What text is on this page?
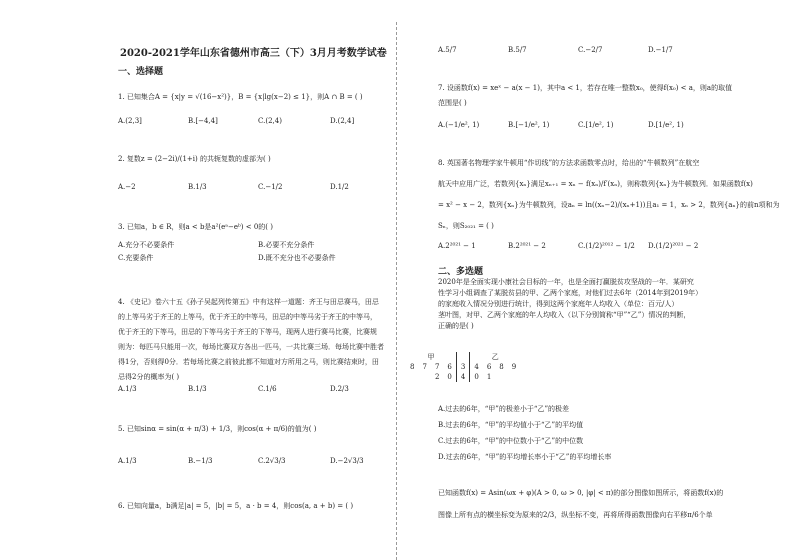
2020-2021学年山东省德州市高三（下）3月月考数学试卷
一、选择题
1. 已知集合A = {x|y = √(16−x²)}，B = {x|lg(x−2) ≤ 1}，则A ∩ B = ( )
A.(2,3]	B.[−4,4]	C.(2,4)	D.(2,4]
2. 复数z = (2−2i)/(1+i) 的共轭复数的虚部为( )
A.−2	B.1/3	C.−1/2	D.1/2
3. 已知a，b ∈ R，则a < b是a²(eᵃ−eᵇ) < 0的( )
A.充分不必要条件	B.必要不充分条件
C.充要条件	D.既不充分也不必要条件
4. 《史记》卷六十五《孙子吴起列传第五》中有这样一道题：齐王与田忌赛马，田忌
的上等马劣于齐王的上等马，优于齐王的中等马，田忌的中等马劣于齐王的中等马，
优于齐王的下等马，田忌的下等马劣于齐王的下等马，现两人进行赛马比赛，比赛规
则为：每匹马只能用一次，每场比赛双方各出一匹马，一共比赛三场．每场比赛中胜者
得1分，否则得0分．若每场比赛之前彼此都不知道对方所用之马，则比赛结束时，田
忌得2分的概率为( )
A.1/3	B.1/3	C.1/6	D.2/3
5. 已知sinα = sin(α + π/3) + 1/3，则cos(α + π/6)的值为( )
A.1/3	B.−1/3	C.2√3/3	D.−2√3/3
6. 已知向量a，b满足|a| = 5，|b| = 5，a · b = 4，则cos(a, a + b) = ( )
A.5/7	B.5/7	C.−2/7	D.−1/7
7. 设函数f(x) = xeˣ − a(x − 1)，其中a < 1，若存在唯一整数x₀，使得f(x₀) < a，则a的取值
范围是( )
A.(−1/e², 1)	B.[−1/e², 1)	C.[1/e², 1)	D.[1/e², 1)
8. 英国著名物理学家牛顿用“作切线”的方法求函数零点时，给出的“牛顿数列”在航空
航天中应用广泛，若数列{xₙ}满足xₙ₊₁ = xₙ − f(xₙ)/f′(xₙ)，则称数列{xₙ}为牛顿数列．如果函数f(x)
= x² − x − 2，数列{xₙ}为牛顿数列，设aₙ = ln((xₙ−2)/(xₙ+1))且a₁ = 1，xₙ > 2，数列{aₙ}的前n项和为
Sₙ，则S₂₀₂₁ = ( )
A.2²⁰²¹ − 1	B.2²⁰²¹ − 2	C.(1/2)²⁰¹² − 1/2 D.(1/2)²⁰²¹ − 2
二、多选题
2020年是全面实现小康社会目标的一年，也是全面打赢脱贫攻坚战的一年．某研究
性学习小组调查了某脱贫县的甲、乙两个家庭，对他们过去6年（2014年到2019年）
的家庭收入情况分别进行统计，得到这两个家庭年人均收入（单位：百元/人）
茎叶图，对甲、乙两个家庭的年人均收入（以下分别简称“甲”“乙”）情况的判断，
正确的是( )
甲					乙			
8	7	7	6	3	4	6	8	9
		2	0	4	0	1		
A.过去的6年，“甲”的极差小于“乙”的极差
B.过去的6年，“甲”的平均值小于“乙”的平均值
C.过去的6年，“甲”的中位数小于“乙”的中位数
D.过去的6年，“甲”的平均增长率小于“乙”的平均增长率
已知函数f(x) = Asin(ωx + φ)(A > 0, ω > 0, |φ| < π)的部分图像如图所示，将函数f(x)的
图像上所有点的横坐标变为原来的2/3，纵坐标不变，再将所得函数图像向右平移π/6个单
